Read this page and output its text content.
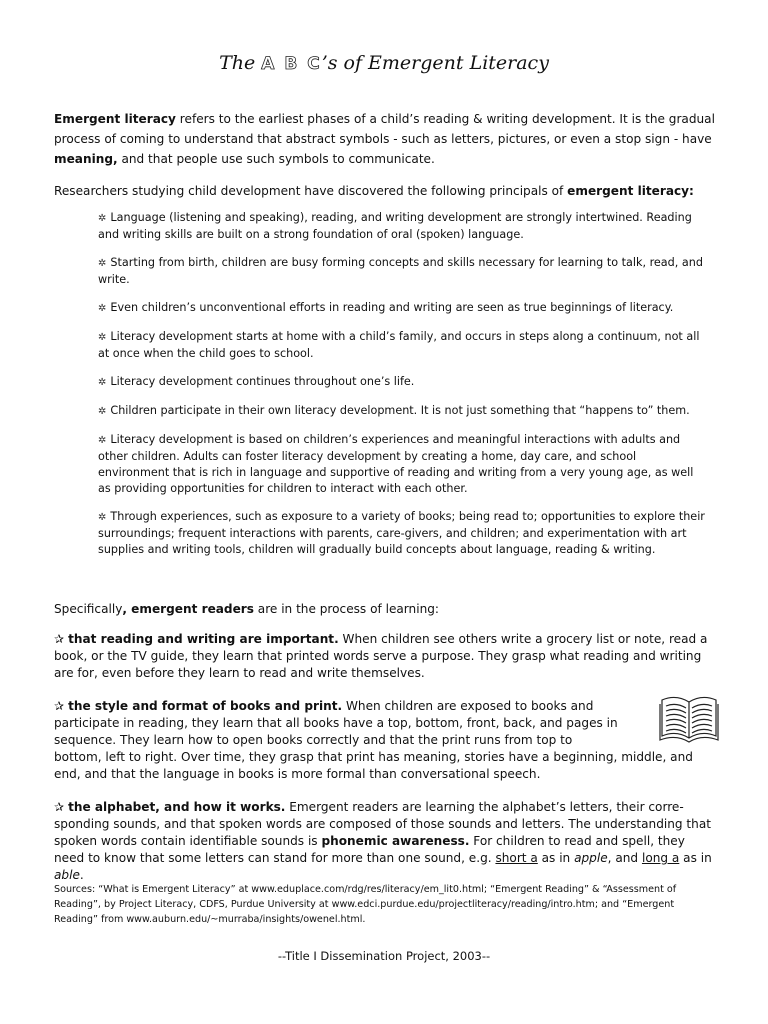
The A B C’s of Emergent Literacy
Emergent literacy refers to the earliest phases of a child’s reading & writing development. It is the gradual process of coming to understand that abstract symbols - such as letters, pictures, or even a stop sign - have meaning, and that people use such symbols to communicate.
Researchers studying child development have discovered the following principals of emergent literacy:
✲ Language (listening and speaking), reading, and writing development are strongly intertwined. Reading and writing skills are built on a strong foundation of oral (spoken) language.
✲ Starting from birth, children are busy forming concepts and skills necessary for learning to talk, read, and write.
✲ Even children’s unconventional efforts in reading and writing are seen as true beginnings of literacy.
✲ Literacy development starts at home with a child’s family, and occurs in steps along a continuum, not all at once when the child goes to school.
✲ Literacy development continues throughout one’s life.
✲ Children participate in their own literacy development. It is not just something that “happens to” them.
✲ Literacy development is based on children’s experiences and meaningful interactions with adults and other children. Adults can foster literacy development by creating a home, day care, and school environment that is rich in language and supportive of reading and writing from a very young age, as well as providing opportunities for children to interact with each other.
✲ Through experiences, such as exposure to a variety of books; being read to; opportunities to explore their surroundings; frequent interactions with parents, care-givers, and children; and experimentation with art supplies and writing tools, children will gradually build concepts about language, reading & writing.
Specifically, emergent readers are in the process of learning:
✰ that reading and writing are important. When children see others write a grocery list or note, read a book, or the TV guide, they learn that printed words serve a purpose. They grasp what reading and writing are for, even before they learn to read and write themselves.
✰ the style and format of books and print. When children are exposed to books and participate in reading, they learn that all books have a top, bottom, front, back, and pages in sequence. They learn how to open books correctly and that the print runs from top to
bottom, left to right. Over time, they grasp that print has meaning, stories have a beginning, middle, and end, and that the language in books is more formal than conversational speech.
✰ the alphabet, and how it works. Emergent readers are learning the alphabet’s letters, their corre-sponding sounds, and that spoken words are composed of those sounds and letters. The understanding that spoken words contain identifiable sounds is phonemic awareness. For children to read and spell, they need to know that some letters can stand for more than one sound, e.g. short a as in apple, and long a as in able.
Sources: “What is Emergent Literacy” at www.eduplace.com/rdg/res/literacy/em_lit0.html; “Emergent Reading” & “Assessment of Reading”, by Project Literacy, CDFS, Purdue University at www.edci.purdue.edu/projectliteracy/reading/intro.htm; and “Emergent Reading” from www.auburn.edu/~murraba/insights/owenel.html.
--Title I Dissemination Project, 2003--
